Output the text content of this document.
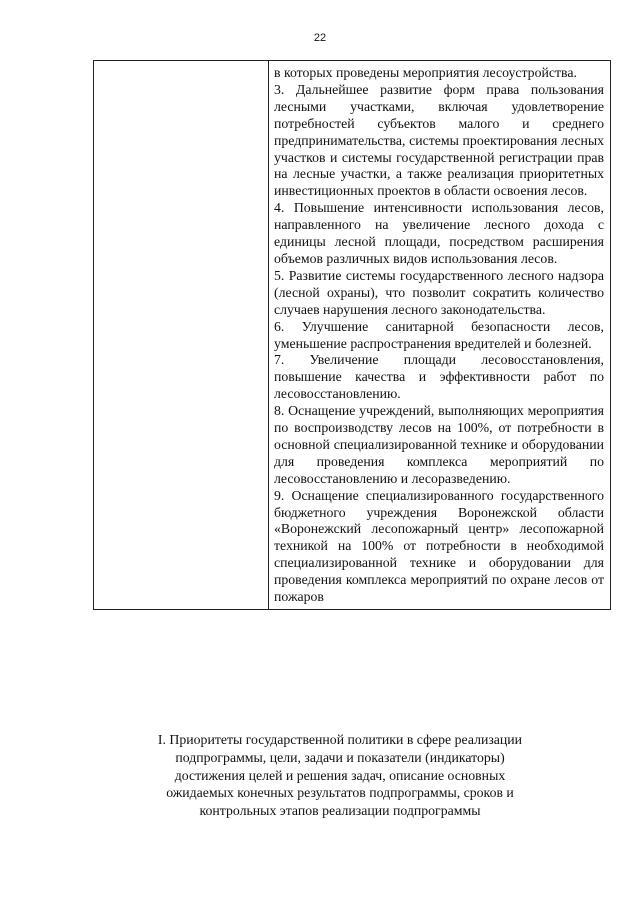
22

в которых проведены мероприятия лесоустройства.

3. Дальнейшее развитие форм права пользования лесными участками, включая удовлетворение потребностей субъектов малого и среднего предпринимательства, системы проектирования лесных участков и системы государственной регистрации прав на лесные участки, а также реализация приоритетных инвестиционных проектов в области освоения лесов.

4. Повышение интенсивности использования лесов, направленного на увеличение лесного дохода с единицы лесной площади, посредством расширения объемов различных видов использования лесов.

5. Развитие системы государственного лесного надзора (лесной охраны), что позволит сократить количество случаев нарушения лесного законодательства.

6. Улучшение санитарной безопасности лесов, уменьшение распространения вредителей и болезней.

7. Увеличение площади лесовосстановления, повышение качества и эффективности работ по лесовосстановлению.

8. Оснащение учреждений, выполняющих мероприятия по воспроизводству лесов на 100%, от потребности в основной специализированной технике и оборудовании для проведения комплекса мероприятий по лесовосстановлению и лесоразведению.

9. Оснащение специализированного государственного бюджетного учреждения Воронежской области «Воронежский лесопожарный центр» лесопожарной техникой на 100% от потребности в необходимой специализированной технике и оборудовании для проведения комплекса мероприятий по охране лесов от пожаров

I. Приоритеты государственной политики в сфере реализации
подпрограммы, цели, задачи и показатели (индикаторы)
достижения целей и решения задач, описание основных
ожидаемых конечных результатов подпрограммы, сроков и
контрольных этапов реализации подпрограммы
